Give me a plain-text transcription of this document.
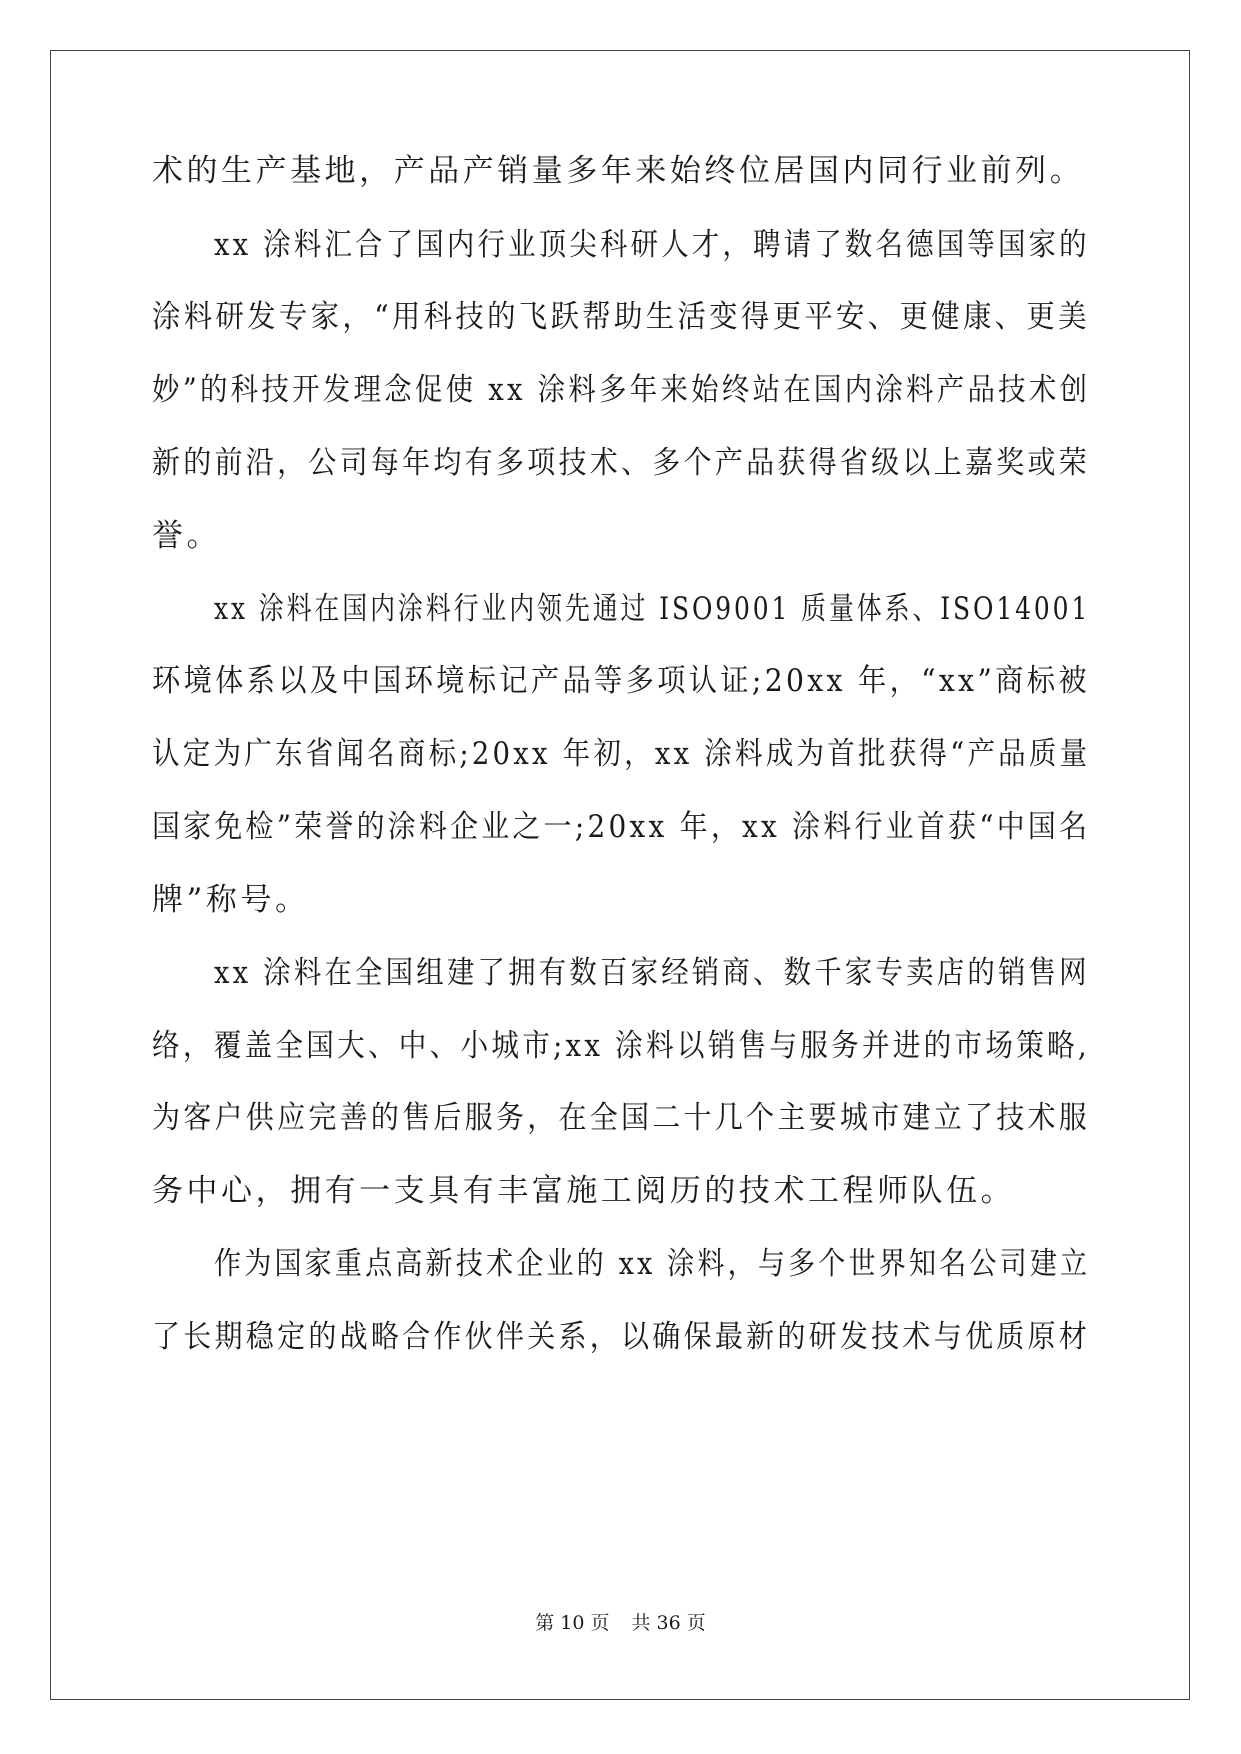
术的生产基地，产品产销量多年来始终位居国内同行业前列。
xx 涂料汇合了国内行业顶尖科研人才，聘请了数名德国等国家的
涂料研发专家，“用科技的飞跃帮助生活变得更平安、更健康、更美
妙”的科技开发理念促使 xx 涂料多年来始终站在国内涂料产品技术创
新的前沿，公司每年均有多项技术、多个产品获得省级以上嘉奖或荣
誉。
xx 涂料在国内涂料行业内领先通过 ISO9001 质量体系、ISO14001
环境体系以及中国环境标记产品等多项认证;20xx 年，“xx”商标被
认定为广东省闻名商标;20xx 年初，xx 涂料成为首批获得“产品质量
国家免检”荣誉的涂料企业之一;20xx 年，xx 涂料行业首获“中国名
牌”称号。
xx 涂料在全国组建了拥有数百家经销商、数千家专卖店的销售网
络，覆盖全国大、中、小城市;xx 涂料以销售与服务并进的市场策略,
为客户供应完善的售后服务，在全国二十几个主要城市建立了技术服
务中心，拥有一支具有丰富施工阅历的技术工程师队伍。
作为国家重点高新技术企业的 xx 涂料，与多个世界知名公司建立
了长期稳定的战略合作伙伴关系，以确保最新的研发技术与优质原材
第 10 页 共 36 页
